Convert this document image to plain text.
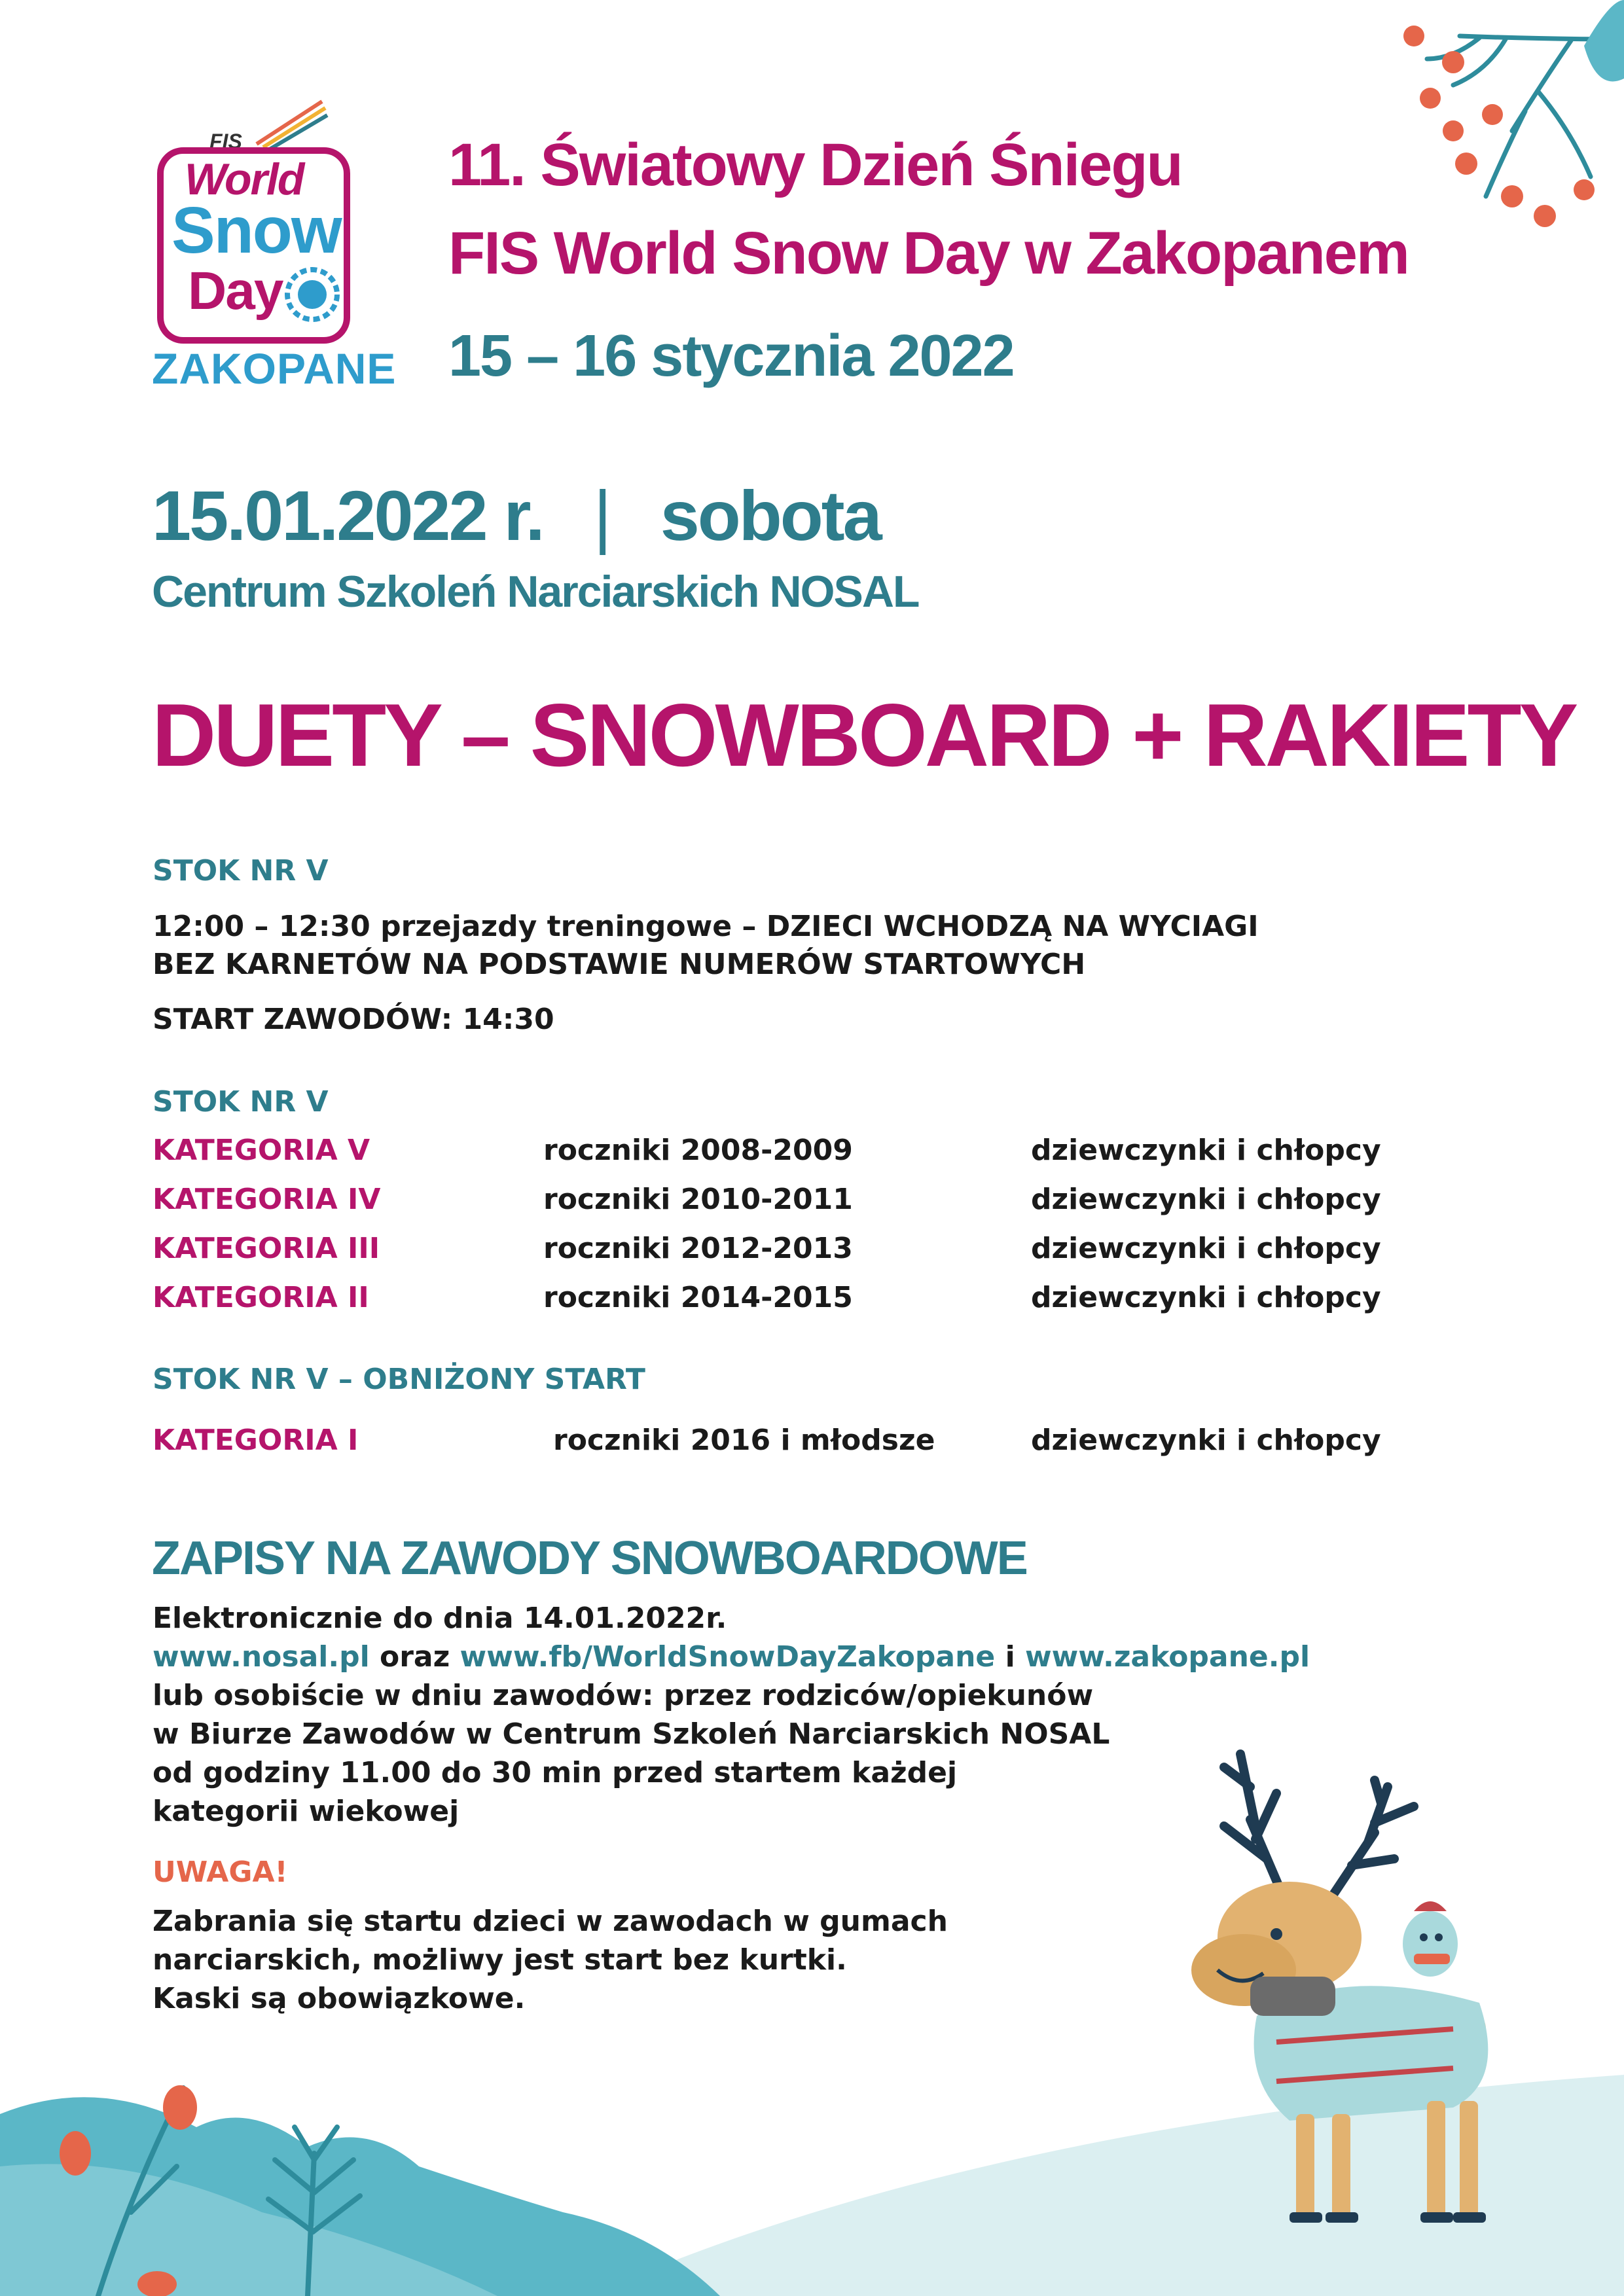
FIS
World
Snow
Day
ZAKOPANE
11. Światowy Dzień Śniegu
FIS World Snow Day w Zakopanem
15 – 16 stycznia 2022
15.01.2022 r. | sobota
Centrum Szkoleń Narciarskich NOSAL
DUETY – SNOWBOARD + RAKIETY
STOK NR V
12:00 – 12:30 przejazdy treningowe – DZIECI WCHODZĄ NA WYCIAGI
BEZ KARNETÓW NA PODSTAWIE NUMERÓW STARTOWYCH
START ZAWODÓW: 14:30
STOK NR V
KATEGORIA V	roczniki 2008-2009	dziewczynki i chłopcy
KATEGORIA IV	roczniki 2010-2011	dziewczynki i chłopcy
KATEGORIA III	roczniki 2012-2013	dziewczynki i chłopcy
KATEGORIA II	roczniki 2014-2015	dziewczynki i chłopcy
STOK NR V – OBNIŻONY START
KATEGORIA I	roczniki 2016 i młodsze	dziewczynki i chłopcy
ZAPISY NA ZAWODY SNOWBOARDOWE
Elektronicznie do dnia 14.01.2022r.
www.nosal.pl oraz www.fb/WorldSnowDayZakopane i www.zakopane.pl
lub osobiście w dniu zawodów: przez rodziców/opiekunów
w Biurze Zawodów w Centrum Szkoleń Narciarskich NOSAL
od godziny 11.00 do 30 min przed startem każdej
kategorii wiekowej
UWAGA!
Zabrania się startu dzieci w zawodach w gumach
narciarskich, możliwy jest start bez kurtki.
Kaski są obowiązkowe.
